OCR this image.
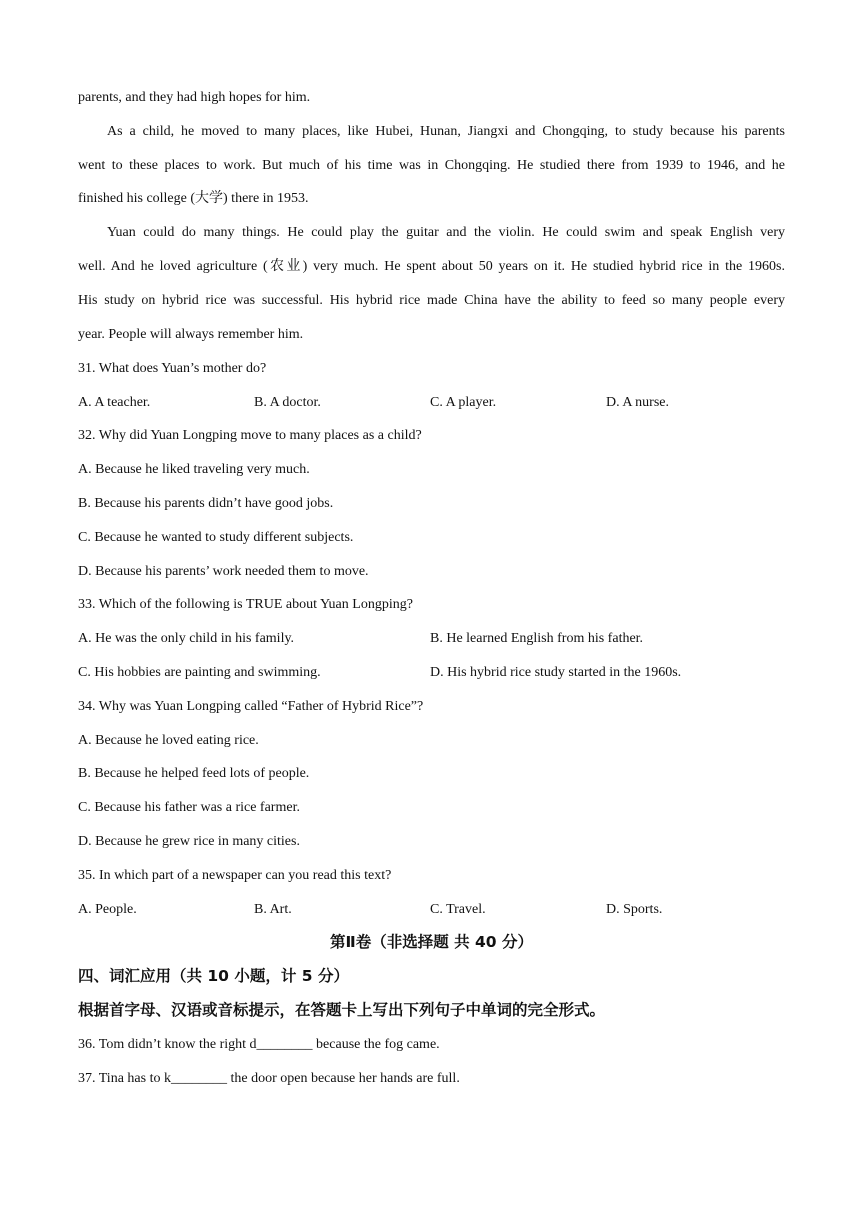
parents, and they had high hopes for him.
As a child, he moved to many places, like Hubei, Hunan, Jiangxi and Chongqing, to study because his parents
went to these places to work. But much of his time was in Chongqing. He studied there from 1939 to 1946, and he
finished his college (大学) there in 1953.
Yuan could do many things. He could play the guitar and the violin. He could swim and speak English very
well. And he loved agriculture (农业) very much. He spent about 50 years on it. He studied hybrid rice in the 1960s.
His study on hybrid rice was successful. His hybrid rice made China have the ability to feed so many people every
year. People will always remember him.
31. What does Yuan’s mother do?
A. A teacher.	B. A doctor.	C. A player.	D. A nurse.
32. Why did Yuan Longping move to many places as a child?
A. Because he liked traveling very much.
B. Because his parents didn’t have good jobs.
C. Because he wanted to study different subjects.
D. Because his parents’ work needed them to move.
33. Which of the following is TRUE about Yuan Longping?
A. He was the only child in his family.	B. He learned English from his father.
C. His hobbies are painting and swimming.	D. His hybrid rice study started in the 1960s.
34. Why was Yuan Longping called “Father of Hybrid Rice”?
A. Because he loved eating rice.
B. Because he helped feed lots of people.
C. Because his father was a rice farmer.
D. Because he grew rice in many cities.
35. In which part of a newspaper can you read this text?
A. People.	B. Art.	C. Travel.	D. Sports.
第Ⅱ卷（非选择题 共 40 分）
四、词汇应用（共 10 小题，计 5 分）
根据首字母、汉语或音标提示，在答题卡上写出下列句子中单词的完全形式。
36. Tom didn’t know the right d________ because the fog came.
37. Tina has to k________ the door open because her hands are full.
